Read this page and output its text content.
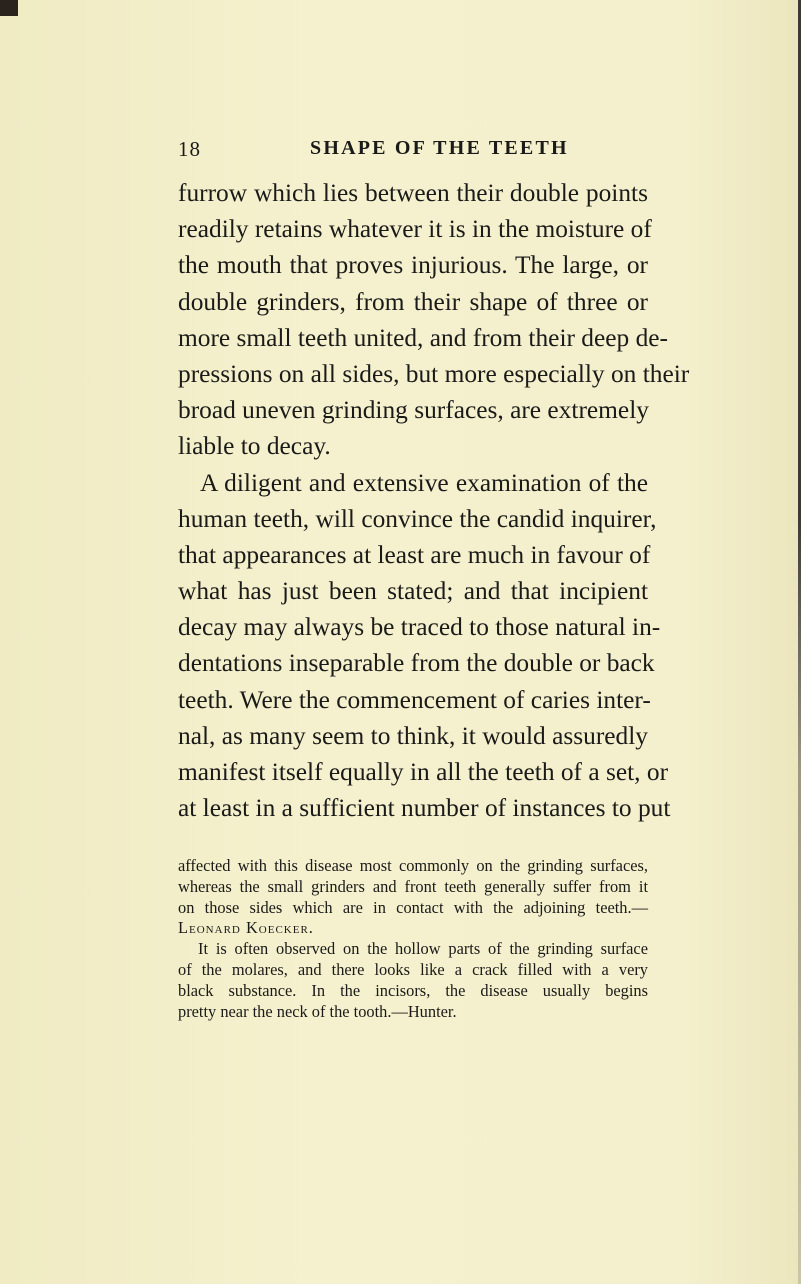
18	SHAPE OF THE TEETH
furrow which lies between their double points
readily retains whatever it is in the moisture of
the mouth that proves injurious. The large, or
double grinders, from their shape of three or
more small teeth united, and from their deep de-
pressions on all sides, but more especially on their
broad uneven grinding surfaces, are extremely
liable to decay.
A diligent and extensive examination of the
human teeth, will convince the candid inquirer,
that appearances at least are much in favour of
what has just been stated; and that incipient
decay may always be traced to those natural in-
dentations inseparable from the double or back
teeth. Were the commencement of caries inter-
nal, as many seem to think, it would assuredly
manifest itself equally in all the teeth of a set, or
at least in a sufficient number of instances to put
affected with this disease most commonly on the grinding surfaces,
whereas the small grinders and front teeth generally suffer from it
on those sides which are in contact with the adjoining teeth.—
Leonard Koecker.
It is often observed on the hollow parts of the grinding surface
of the molares, and there looks like a crack filled with a very
black substance. In the incisors, the disease usually begins
pretty near the neck of the tooth.—Hunter.
